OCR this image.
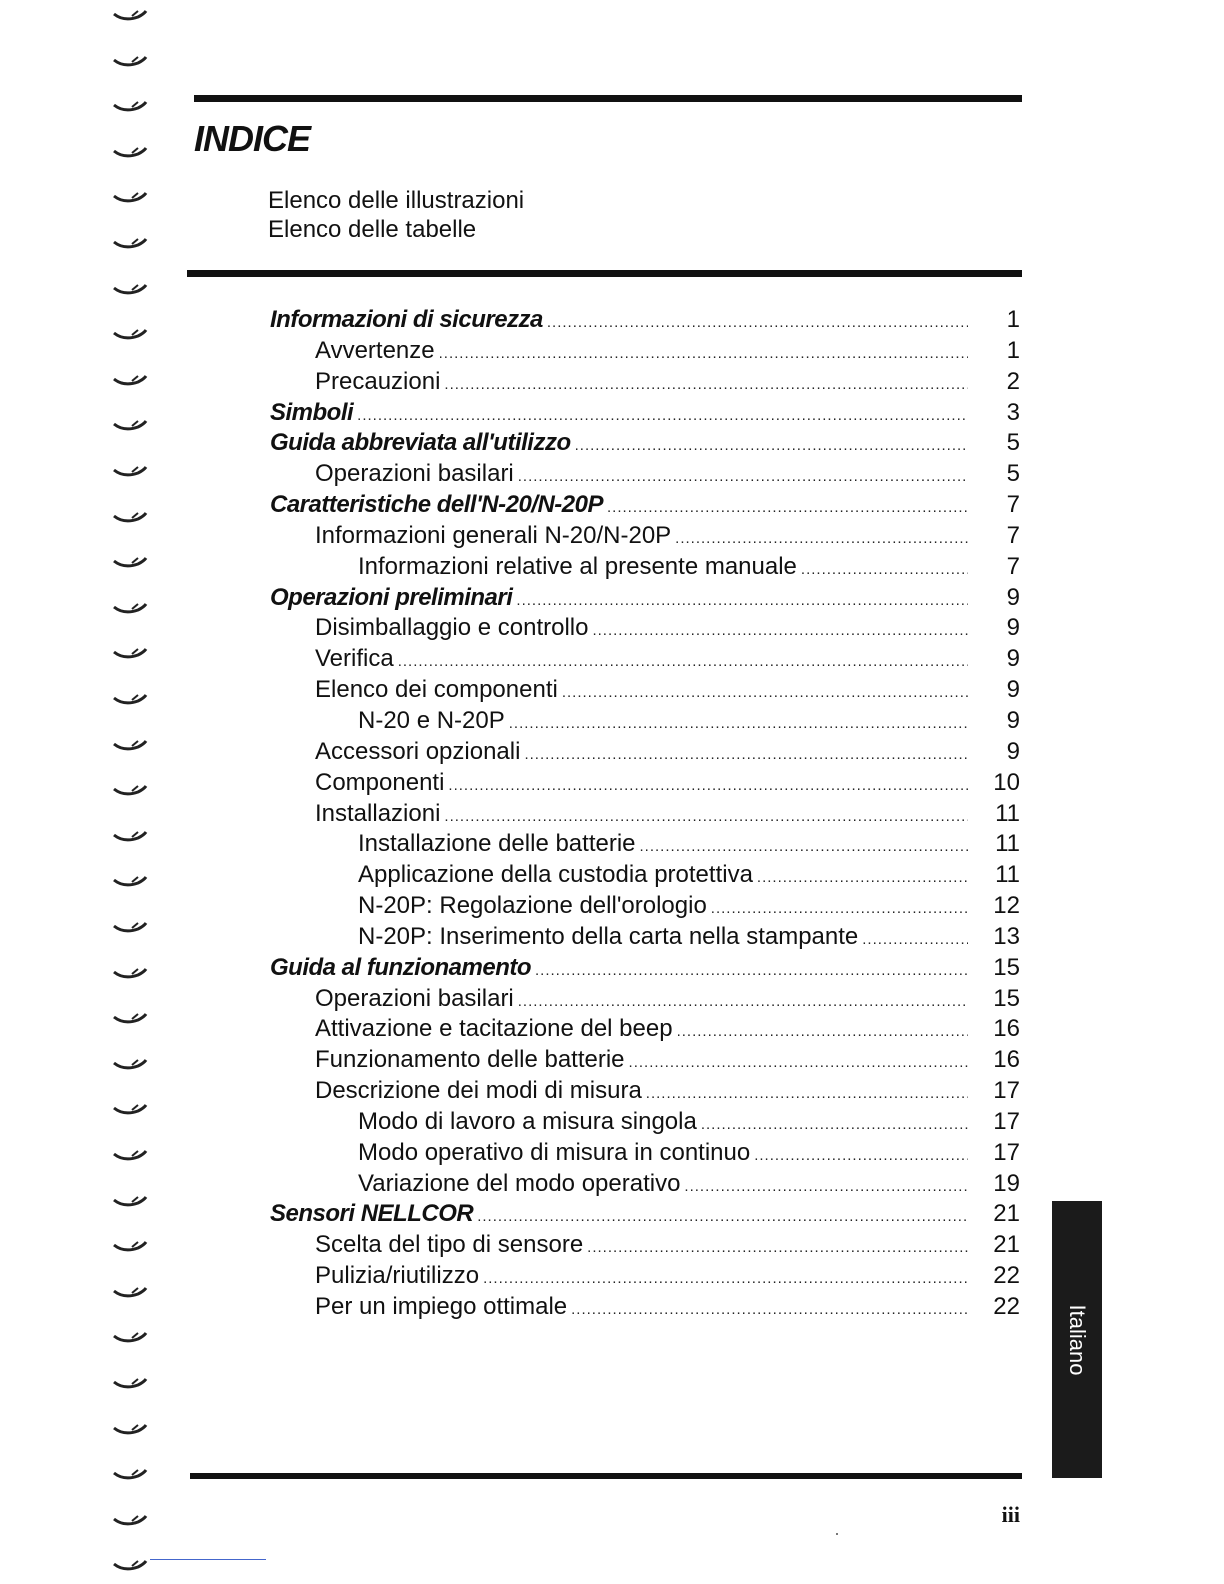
INDICE
Elenco delle illustrazioni
Elenco delle tabelle
Informazioni di sicurezza .....	1
Avvertenze .....	1
Precauzioni .....	2
Simboli .....	3
Guida abbreviata all'utilizzo .....	5
Operazioni basilari .....	5
Caratteristiche dell'N-20/N-20P .....	7
Informazioni generali N-20/N-20P .....	7
Informazioni relative al presente manuale .....	7
Operazioni preliminari .....	9
Disimballaggio e controllo .....	9
Verifica .....	9
Elenco dei componenti .....	9
N-20 e N-20P .....	9
Accessori opzionali .....	9
Componenti .....	10
Installazioni .....	11
Installazione delle batterie .....	11
Applicazione della custodia protettiva .....	11
N-20P: Regolazione dell'orologio .....	12
N-20P: Inserimento della carta nella stampante .....	13
Guida al funzionamento .....	15
Operazioni basilari .....	15
Attivazione e tacitazione del beep .....	16
Funzionamento delle batterie .....	16
Descrizione dei modi di misura .....	17
Modo di lavoro a misura singola .....	17
Modo operativo di misura in continuo .....	17
Variazione del modo operativo .....	19
Sensori NELLCOR .....	21
Scelta del tipo di sensore .....	21
Pulizia/riutilizzo .....	22
Per un impiego ottimale .....	22 Italiano
iii
